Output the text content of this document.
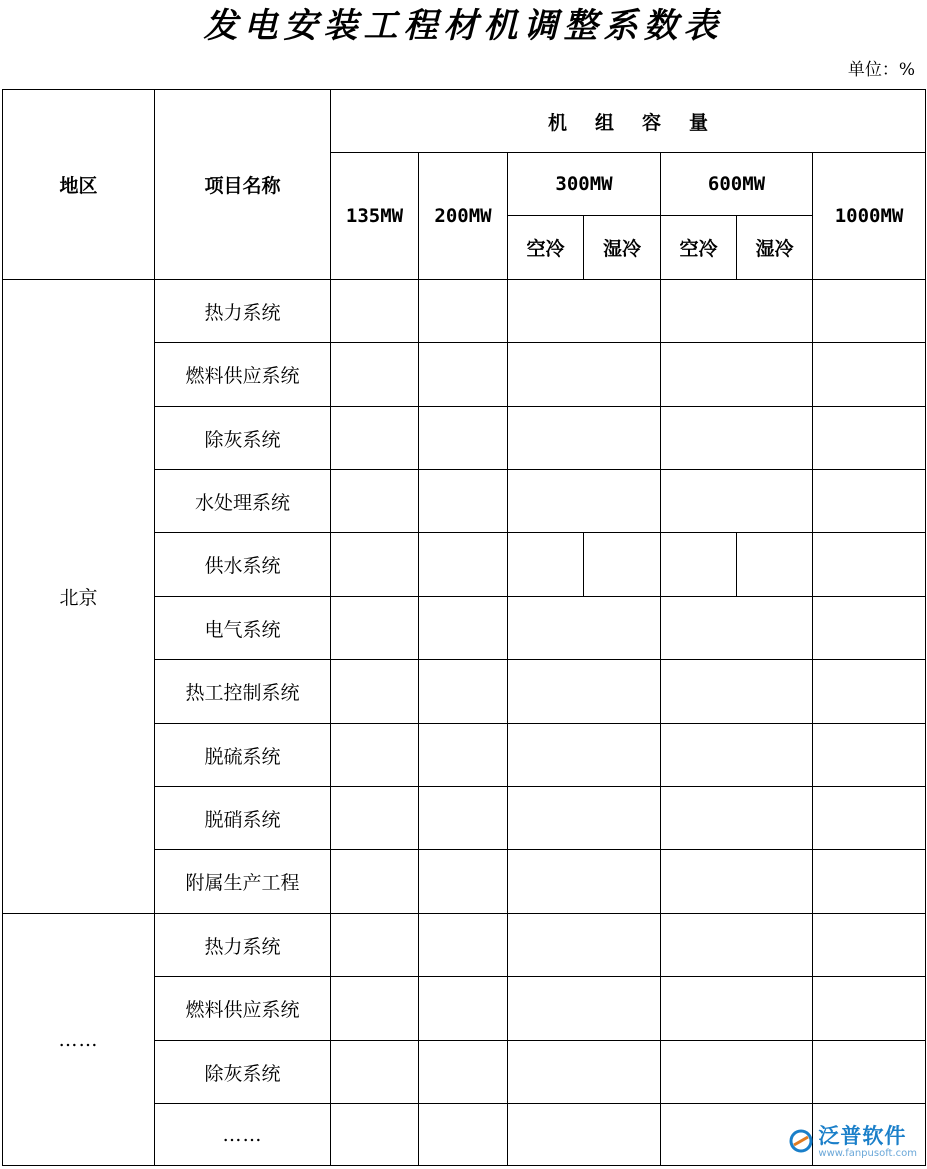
发电安装工程材机调整系数表
单位：%
地区	项目名称	机组容量						
		135MW	200MW	300MW		600MW		1000MW
				空冷	湿冷	空冷	湿冷	
北京	热力系统							
	燃料供应系统							
	除灰系统							
	水处理系统							
	供水系统							
	电气系统							
	热工控制系统							
	脱硫系统							
	脱硝系统							
	附属生产工程							
……	热力系统							
	燃料供应系统							
	除灰系统							
	……								泛普软件
www.fanpusoft.com
